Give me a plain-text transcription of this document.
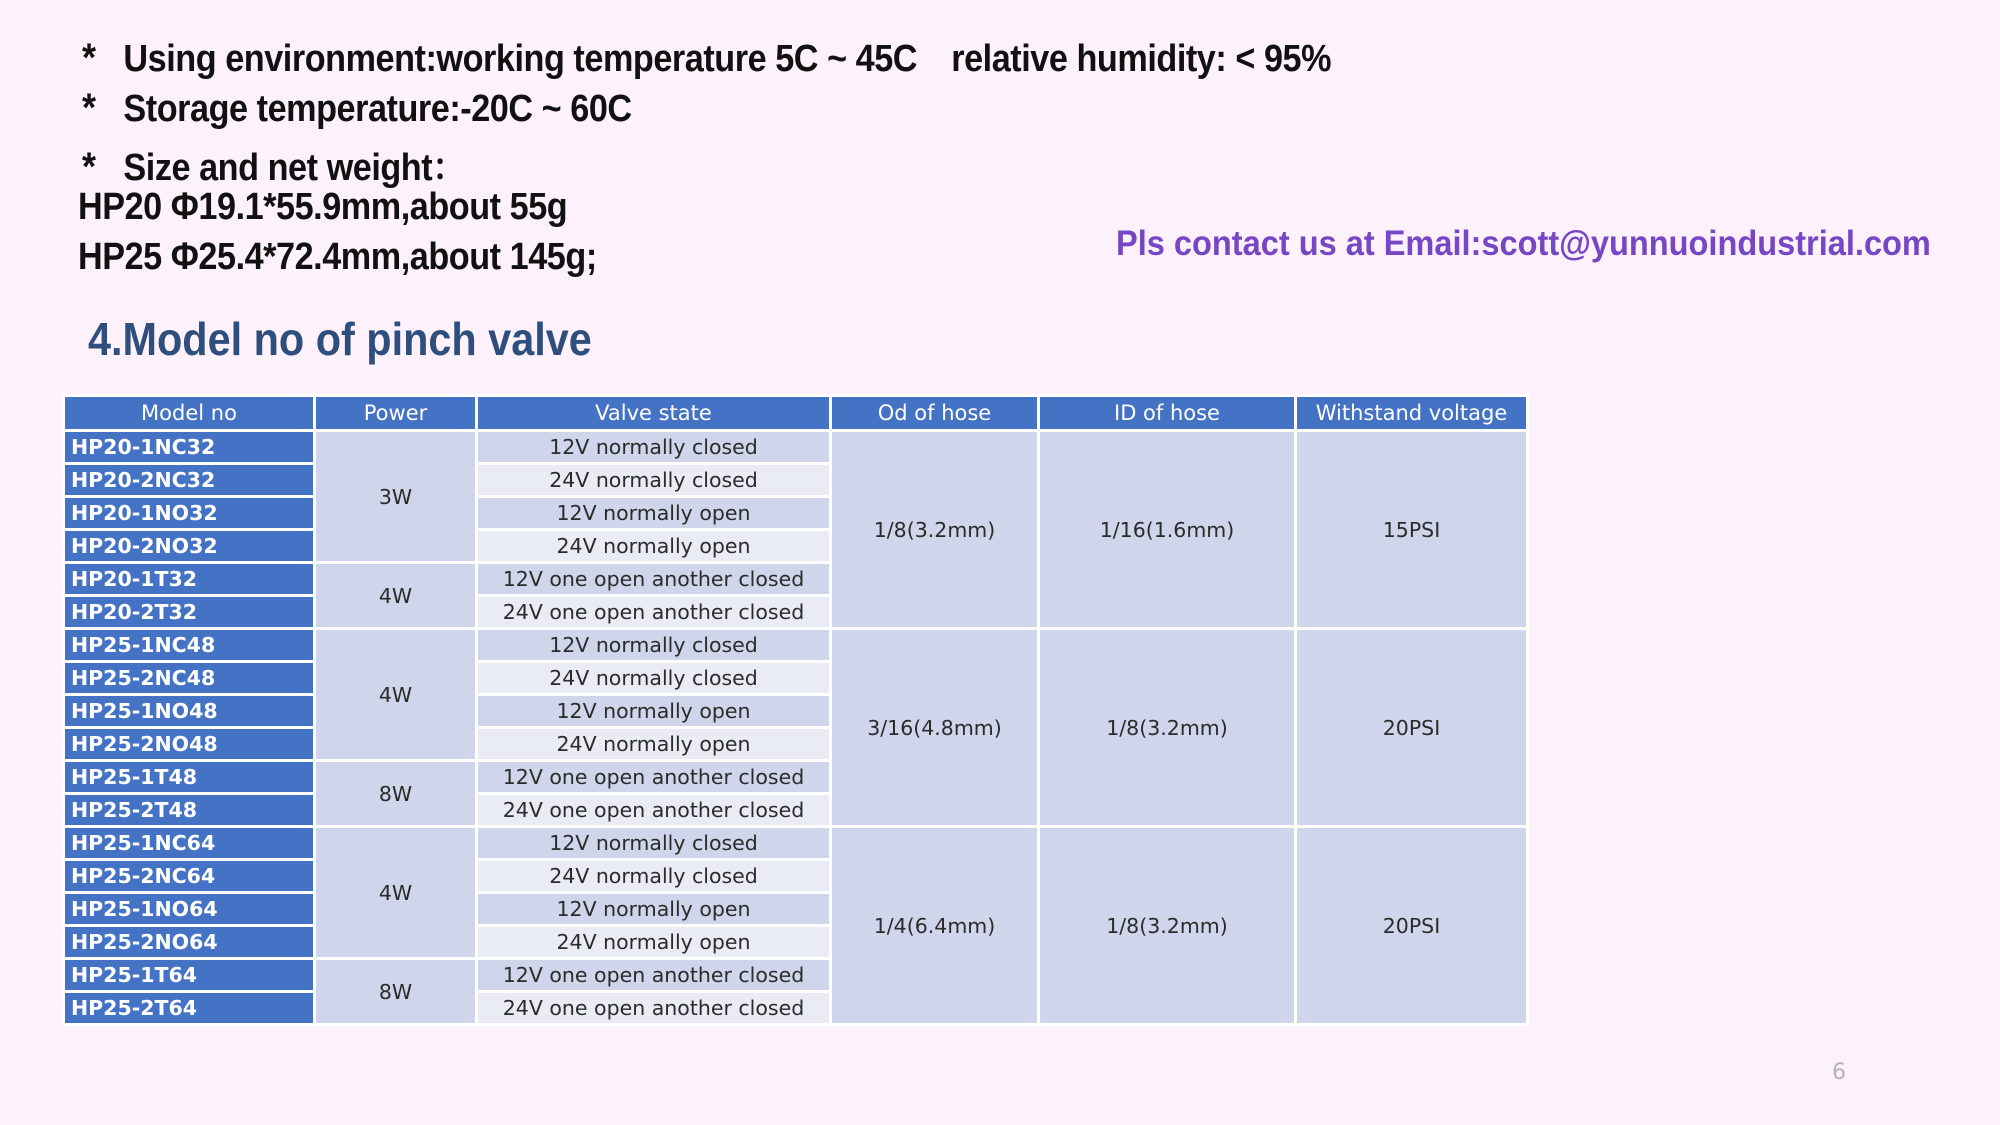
* Using environment:working temperature 5C ~ 45C relative humidity: < 95%

* Storage temperature:-20C ~ 60C

* Size and net weight：

HP20 Φ19.1*55.9mm,about 55g

HP25 Φ25.4*72.4mm,about 145g;	Pls contact us at Email:scott@yunnuoindustrial.com

4.Model no of pinch valve
Model no	Power	Valve state	Od of hose	ID of hose	Withstand voltage
HP20-1NC32	3W	12V normally closed	1/8(3.2mm)	1/16(1.6mm)	15PSI
HP20-2NC32		24V normally closed			
HP20-1NO32		12V normally open			
HP20-2NO32		24V normally open			
HP20-1T32	4W	12V one open another closed			
HP20-2T32		24V one open another closed			
HP25-1NC48	4W	12V normally closed	3/16(4.8mm)	1/8(3.2mm)	20PSI
HP25-2NC48		24V normally closed			
HP25-1NO48		12V normally open			
HP25-2NO48		24V normally open			
HP25-1T48	8W	12V one open another closed			
HP25-2T48		24V one open another closed			
HP25-1NC64	4W	12V normally closed	1/4(6.4mm)	1/8(3.2mm)	20PSI
HP25-2NC64		24V normally closed			
HP25-1NO64		12V normally open			
HP25-2NO64		24V normally open			
HP25-1T64	8W	12V one open another closed			
HP25-2T64		24V one open another closed			

6
